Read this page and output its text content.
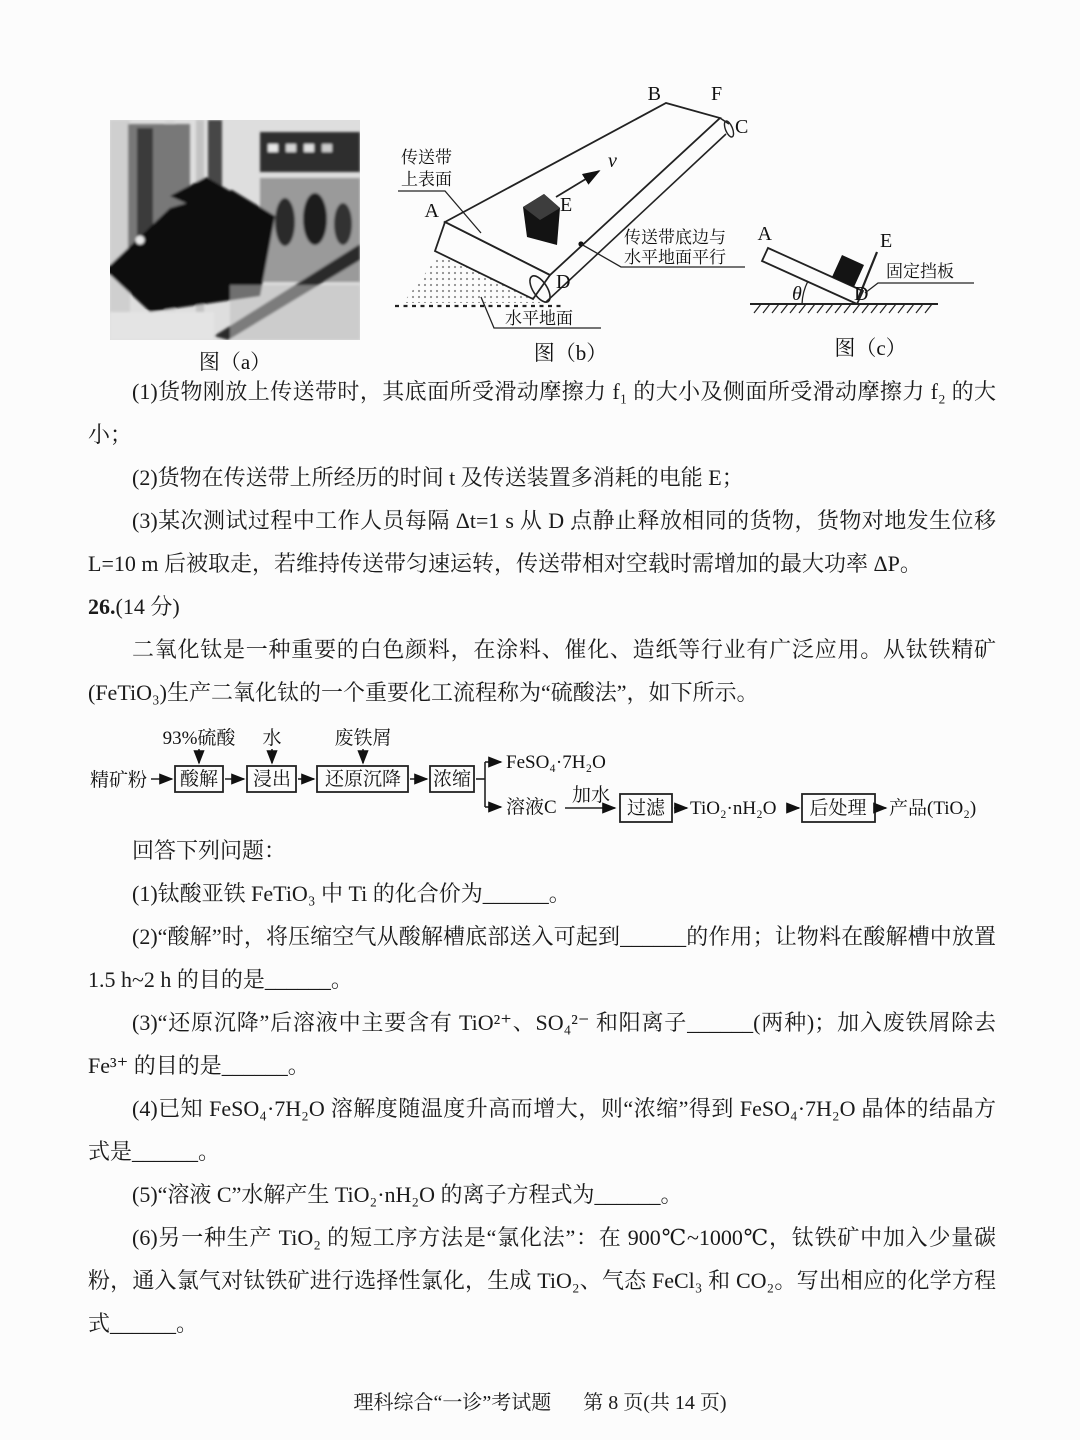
图（a）
v
A
B	F
C
E
D
传送带
上表面
传送带底边与
水平地面平行
水平地面
图（b）
θ
A	E
D
固定挡板
图（c）

(1)货物刚放上传送带时，其底面所受滑动摩擦力 f₁ 的大小及侧面所受滑动摩擦力 f₂ 的大小；

(2)货物在传送带上所经历的时间 t 及传送装置多消耗的电能 E；

(3)某次测试过程中工作人员每隔 Δt=1 s 从 D 点静止释放相同的货物，货物对地发生位移 L=10 m 后被取走，若维持传送带匀速运转，传送带相对空载时需增加的最大功率 ΔP。

26.(14 分)

二氧化钛是一种重要的白色颜料，在涂料、催化、造纸等行业有广泛应用。从钛铁精矿(FeTiO₃)生产二氧化钛的一个重要化工流程称为“硫酸法”，如下所示。

93%硫酸 水	废铁屑
精矿粉 酸解 浸出 还原沉降 浓缩
FeSO₄·7H₂O
溶液C
加水
过滤 TiO₂·nH₂O 后处理 产品(TiO₂)

回答下列问题：

(1)钛酸亚铁 FeTiO₃ 中 Ti 的化合价为______。

(2)“酸解”时，将压缩空气从酸解槽底部送入可起到______的作用；让物料在酸解槽中放置 1.5 h~2 h 的目的是______。

(3)“还原沉降”后溶液中主要含有 TiO²⁺、SO₄²⁻ 和阳离子______(两种)；加入废铁屑除去 Fe³⁺ 的目的是______。

(4)已知 FeSO₄·7H₂O 溶解度随温度升高而增大，则“浓缩”得到 FeSO₄·7H₂O 晶体的结晶方式是______。

(5)“溶液 C”水解产生 TiO₂·nH₂O 的离子方程式为______。

(6)另一种生产 TiO₂ 的短工序方法是“氯化法”：在 900℃~1000℃，钛铁矿中加入少量碳粉，通入氯气对钛铁矿进行选择性氯化，生成 TiO₂、气态 FeCl₃ 和 CO₂。写出相应的化学方程式______。

理科综合“一诊”考试题 第 8 页(共 14 页)
